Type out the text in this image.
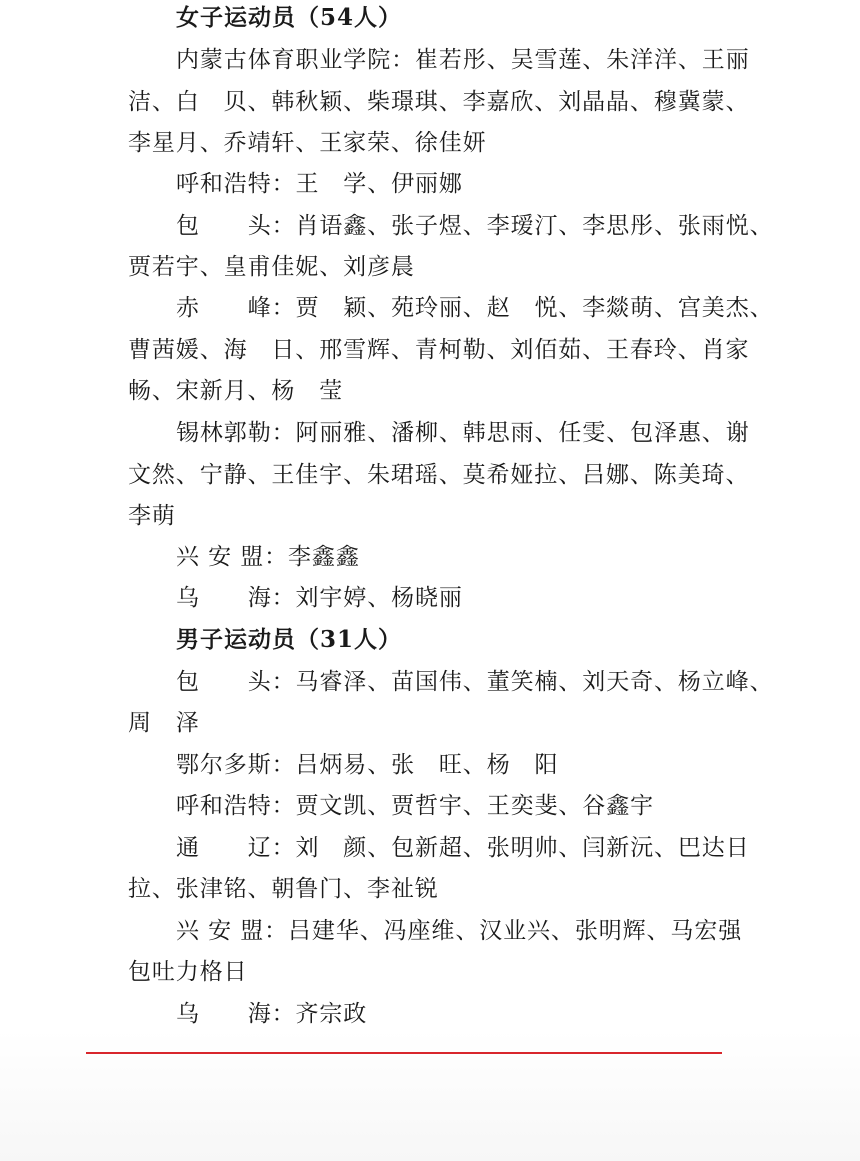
女子运动员（54人）
内蒙古体育职业学院：崔若彤、吴雪莲、朱洋洋、王丽
洁、白　贝、韩秋颖、柴璟琪、李嘉欣、刘晶晶、穆冀蒙、
李星月、乔靖轩、王家荣、徐佳妍
呼和浩特：王　学、伊丽娜
包　　头：肖语鑫、张子煜、李瑷汀、李思彤、张雨悦、
贾若宇、皇甫佳妮、刘彦晨
赤　　峰：贾　颖、苑玲丽、赵　悦、李燚萌、宫美杰、
曹茜媛、海　日、邢雪辉、青柯勒、刘佰茹、王春玲、肖家
畅、宋新月、杨　莹
锡林郭勒：阿丽雅、潘柳、韩思雨、任雯、包泽惠、谢
文然、宁静、王佳宇、朱珺瑶、莫希娅拉、吕娜、陈美琦、
李萌
兴 安 盟：李鑫鑫
乌　　海：刘宇婷、杨晓丽
男子运动员（31人）
包　　头：马睿泽、苗国伟、董笑楠、刘天奇、杨立峰、
周　泽
鄂尔多斯：吕炳易、张　旺、杨　阳
呼和浩特：贾文凯、贾哲宇、王奕斐、谷鑫宇
通　　辽：刘　颜、包新超、张明帅、闫新沅、巴达日
拉、张津铭、朝鲁门、李祉锐
兴 安 盟：吕建华、冯座维、汉业兴、张明辉、马宏强
包吐力格日
乌　　海：齐宗政
